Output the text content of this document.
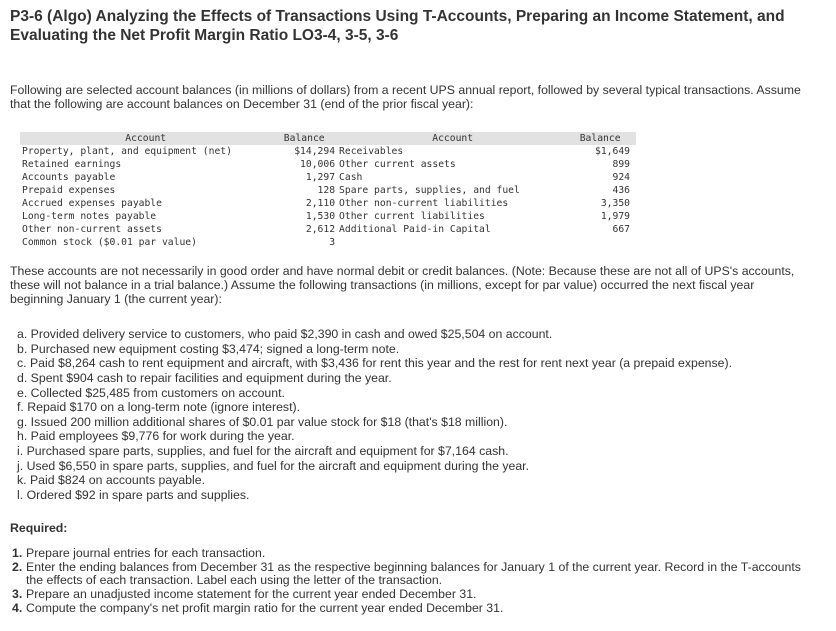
P3-6 (Algo) Analyzing the Effects of Transactions Using T-Accounts, Preparing an Income Statement, and Evaluating the Net Profit Margin Ratio LO3-4, 3-5, 3-6

Following are selected account balances (in millions of dollars) from a recent UPS annual report, followed by several typical transactions. Assume that the following are account balances on December 31 (end of the prior fiscal year):

Account	Balance	Account	Balance
Property, plant, and equipment (net)	$14,294	Receivables	$1,649
Retained earnings	10,006	Other current assets	899
Accounts payable	1,297	Cash	924
Prepaid expenses	128	Spare parts, supplies, and fuel	436
Accrued expenses payable	2,110	Other non-current liabilities	3,350
Long-term notes payable	1,530	Other current liabilities	1,979
Other non-current assets	2,612	Additional Paid-in Capital	667
Common stock ($0.01 par value)	3		

These accounts are not necessarily in good order and have normal debit or credit balances. (Note: Because these are not all of UPS's accounts, these will not balance in a trial balance.) Assume the following transactions (in millions, except for par value) occurred the next fiscal year beginning January 1 (the current year):

a. Provided delivery service to customers, who paid $2,390 in cash and owed $25,504 on account.
b. Purchased new equipment costing $3,474; signed a long-term note.
c. Paid $8,264 cash to rent equipment and aircraft, with $3,436 for rent this year and the rest for rent next year (a prepaid expense).
d. Spent $904 cash to repair facilities and equipment during the year.
e. Collected $25,485 from customers on account.
f. Repaid $170 on a long-term note (ignore interest).
g. Issued 200 million additional shares of $0.01 par value stock for $18 (that's $18 million).
h. Paid employees $9,776 for work during the year.
i. Purchased spare parts, supplies, and fuel for the aircraft and equipment for $7,164 cash.
j. Used $6,550 in spare parts, supplies, and fuel for the aircraft and equipment during the year.
k. Paid $824 on accounts payable.
l. Ordered $92 in spare parts and supplies.

Required:

1. Prepare journal entries for each transaction.
2. Enter the ending balances from December 31 as the respective beginning balances for January 1 of the current year. Record in the T-accounts the effects of each transaction. Label each using the letter of the transaction.
3. Prepare an unadjusted income statement for the current year ended December 31.
4. Compute the company's net profit margin ratio for the current year ended December 31.
